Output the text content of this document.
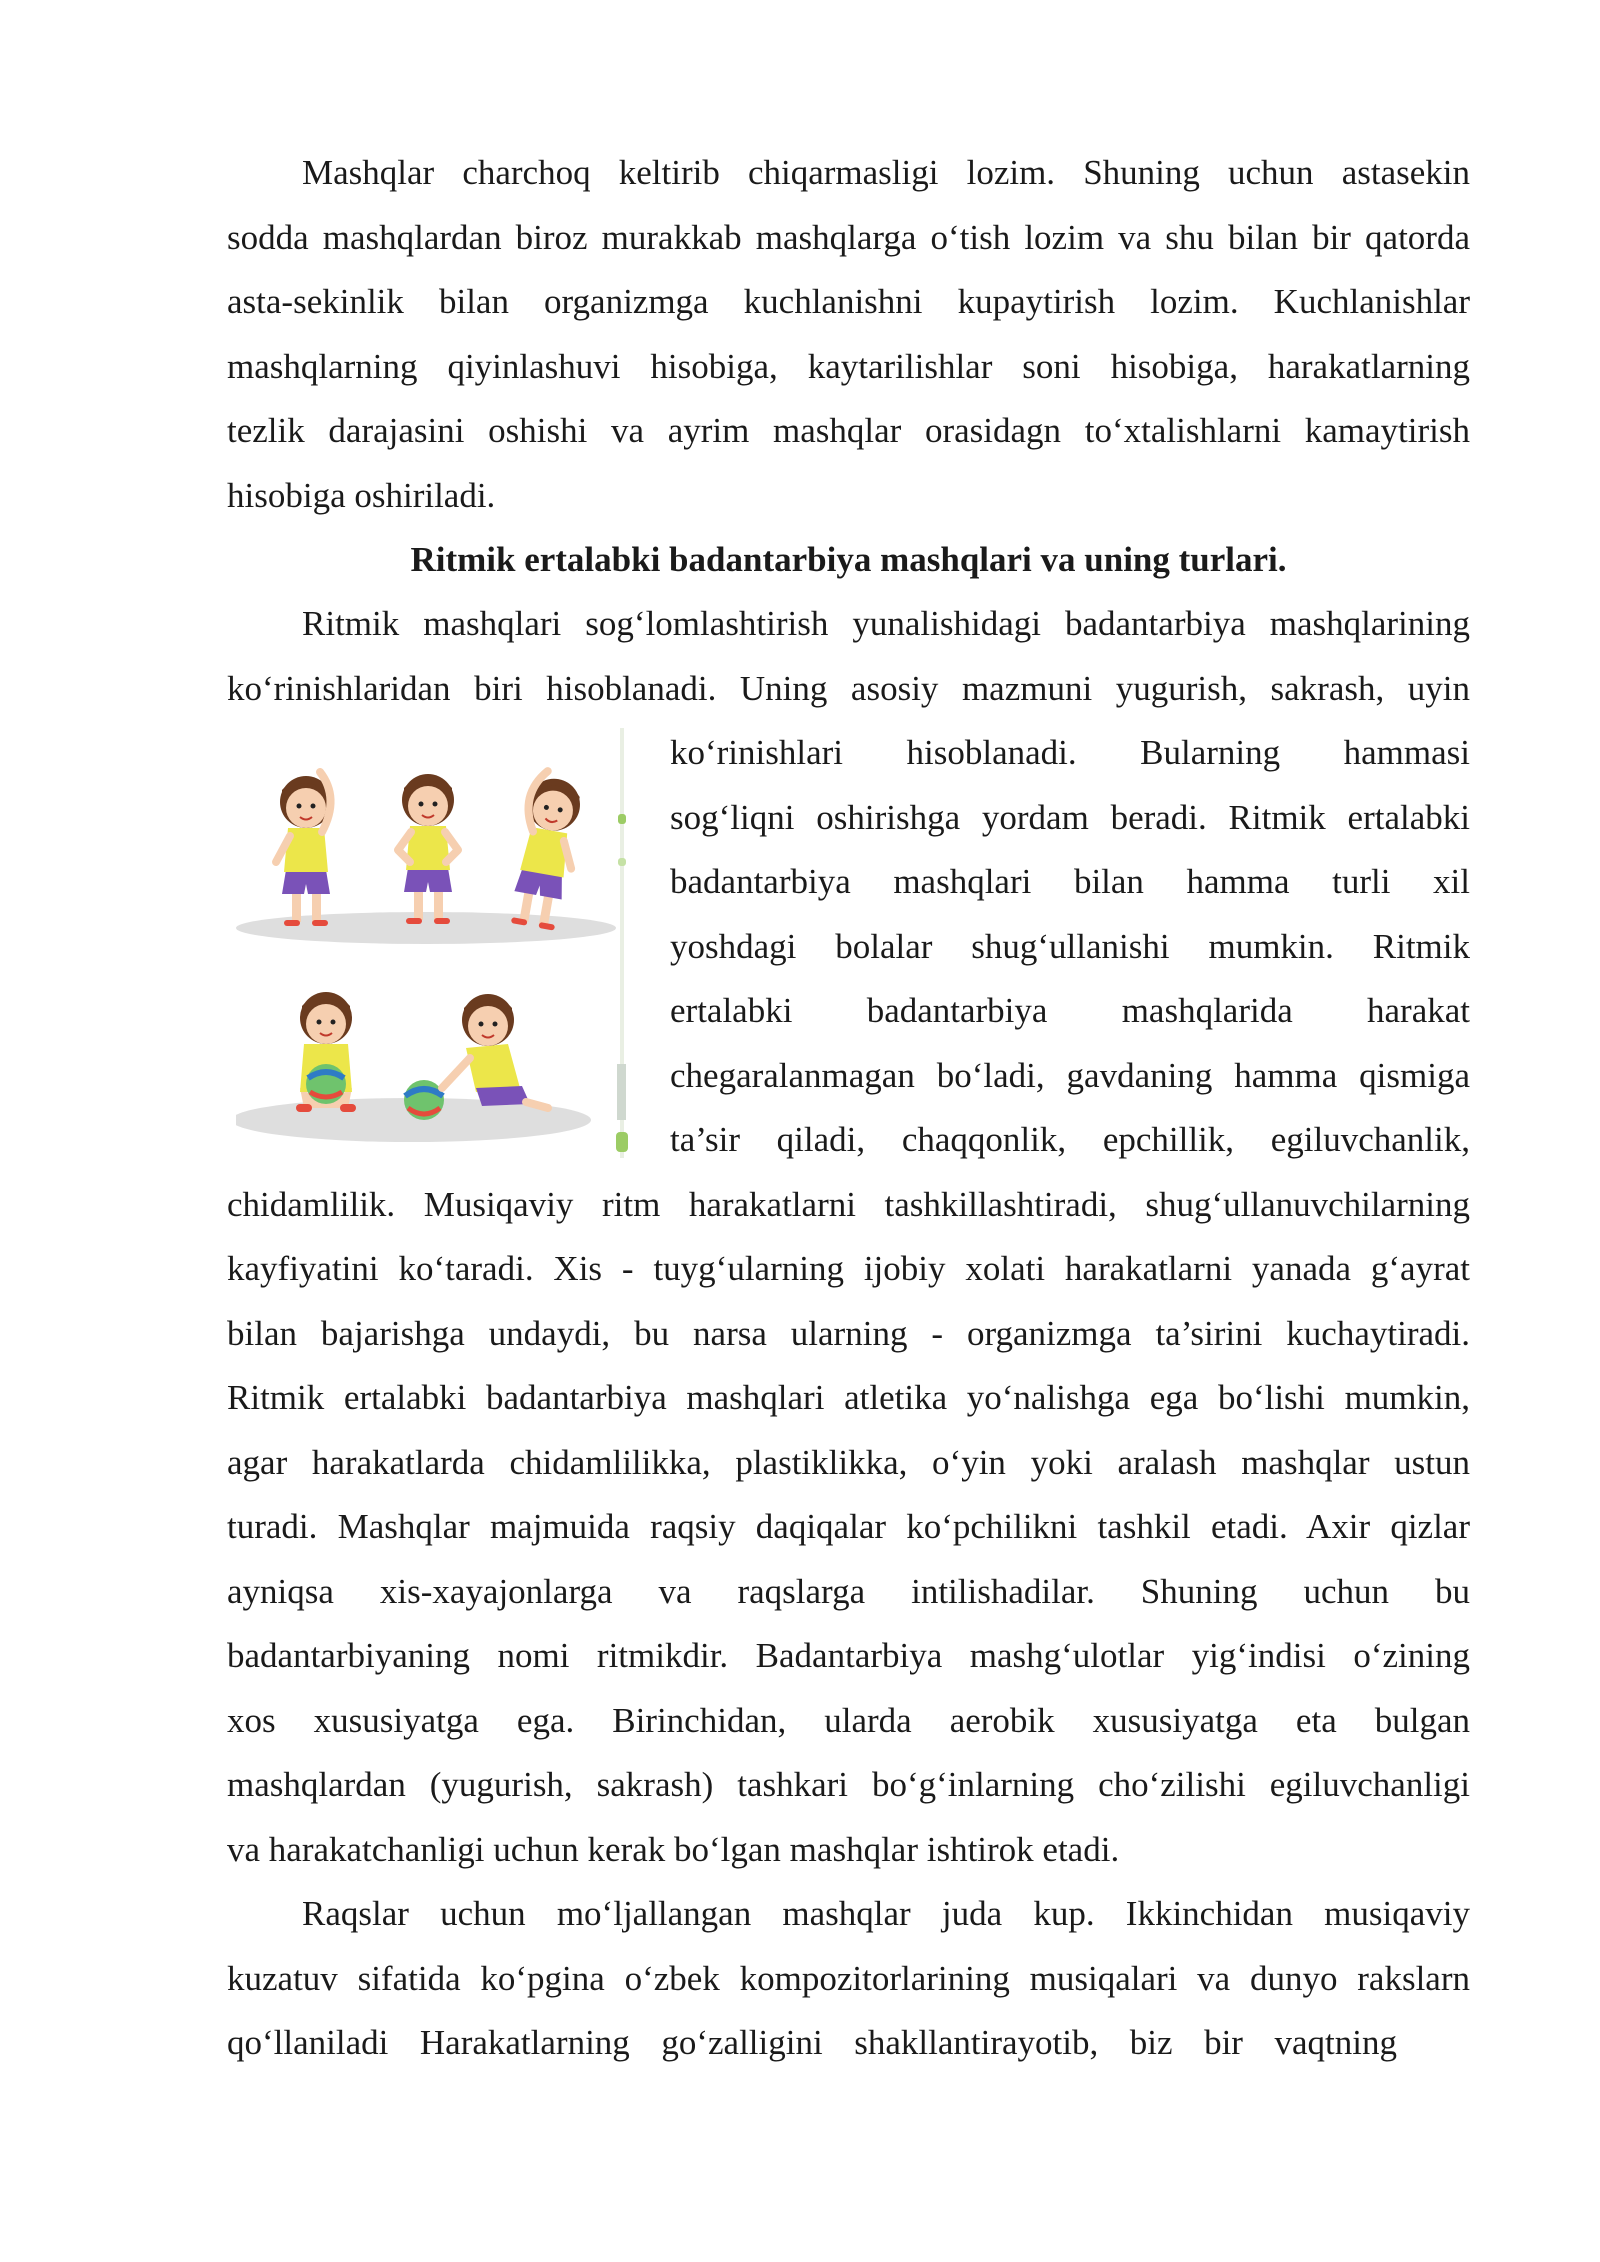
Mashqlar charchoq keltirib chiqarmasligi lozim. Shuning uchun astasekin
sodda mashqlardan biroz murakkab mashqlarga o‘tish lozim va shu bilan bir qatorda
asta-sekinlik bilan organizmga kuchlanishni kupaytirish lozim. Kuchlanishlar
mashqlarning qiyinlashuvi hisobiga, kaytarilishlar soni hisobiga, harakatlarning
tezlik darajasini oshishi va ayrim mashqlar orasidagn to‘xtalishlarni kamaytirish
hisobiga oshiriladi.
Ritmik ertalabki badantarbiya mashqlari va uning turlari.
Ritmik mashqlari sog‘lomlashtirish yunalishidagi badantarbiya mashqlarining
ko‘rinishlaridan biri hisoblanadi. Uning asosiy mazmuni yugurish, sakrash, uyin
ko‘rinishlari hisoblanadi. Bularning hammasi
sog‘liqni oshirishga yordam beradi. Ritmik ertalabki
badantarbiya mashqlari bilan hamma turli xil
yoshdagi bolalar shug‘ullanishi mumkin. Ritmik
ertalabki badantarbiya mashqlarida harakat
chegaralanmagan bo‘ladi, gavdaning hamma qismiga
ta’sir qiladi, chaqqonlik, epchillik, egiluvchanlik,
chidamlilik. Musiqaviy ritm harakatlarni tashkillashtiradi, shug‘ullanuvchilarning
kayfiyatini ko‘taradi. Xis - tuyg‘ularning ijobiy xolati harakatlarni yanada g‘ayrat
bilan bajarishga undaydi, bu narsa ularning - organizmga ta’sirini kuchaytiradi.
Ritmik ertalabki badantarbiya mashqlari atletika yo‘nalishga ega bo‘lishi mumkin,
agar harakatlarda chidamlilikka, plastiklikka, o‘yin yoki aralash mashqlar ustun
turadi. Mashqlar majmuida raqsiy daqiqalar ko‘pchilikni tashkil etadi. Axir qizlar
ayniqsa xis-xayajonlarga va raqslarga intilishadilar. Shuning uchun bu
badantarbiyaning nomi ritmikdir. Badantarbiya mashg‘ulotlar yig‘indisi o‘zining
xos xususiyatga ega. Birinchidan, ularda aerobik xususiyatga eta bulgan
mashqlardan (yugurish, sakrash) tashkari bo‘g‘inlarning cho‘zilishi egiluvchanligi
va harakatchanligi uchun kerak bo‘lgan mashqlar ishtirok etadi.
Raqslar uchun mo‘ljallangan mashqlar juda kup. Ikkinchidan musiqaviy
kuzatuv sifatida ko‘pgina o‘zbek kompozitorlarining musiqalari va dunyo rakslarn
qo‘llaniladi Harakatlarning go‘zalligini shakllantirayotib, biz bir vaqtning
